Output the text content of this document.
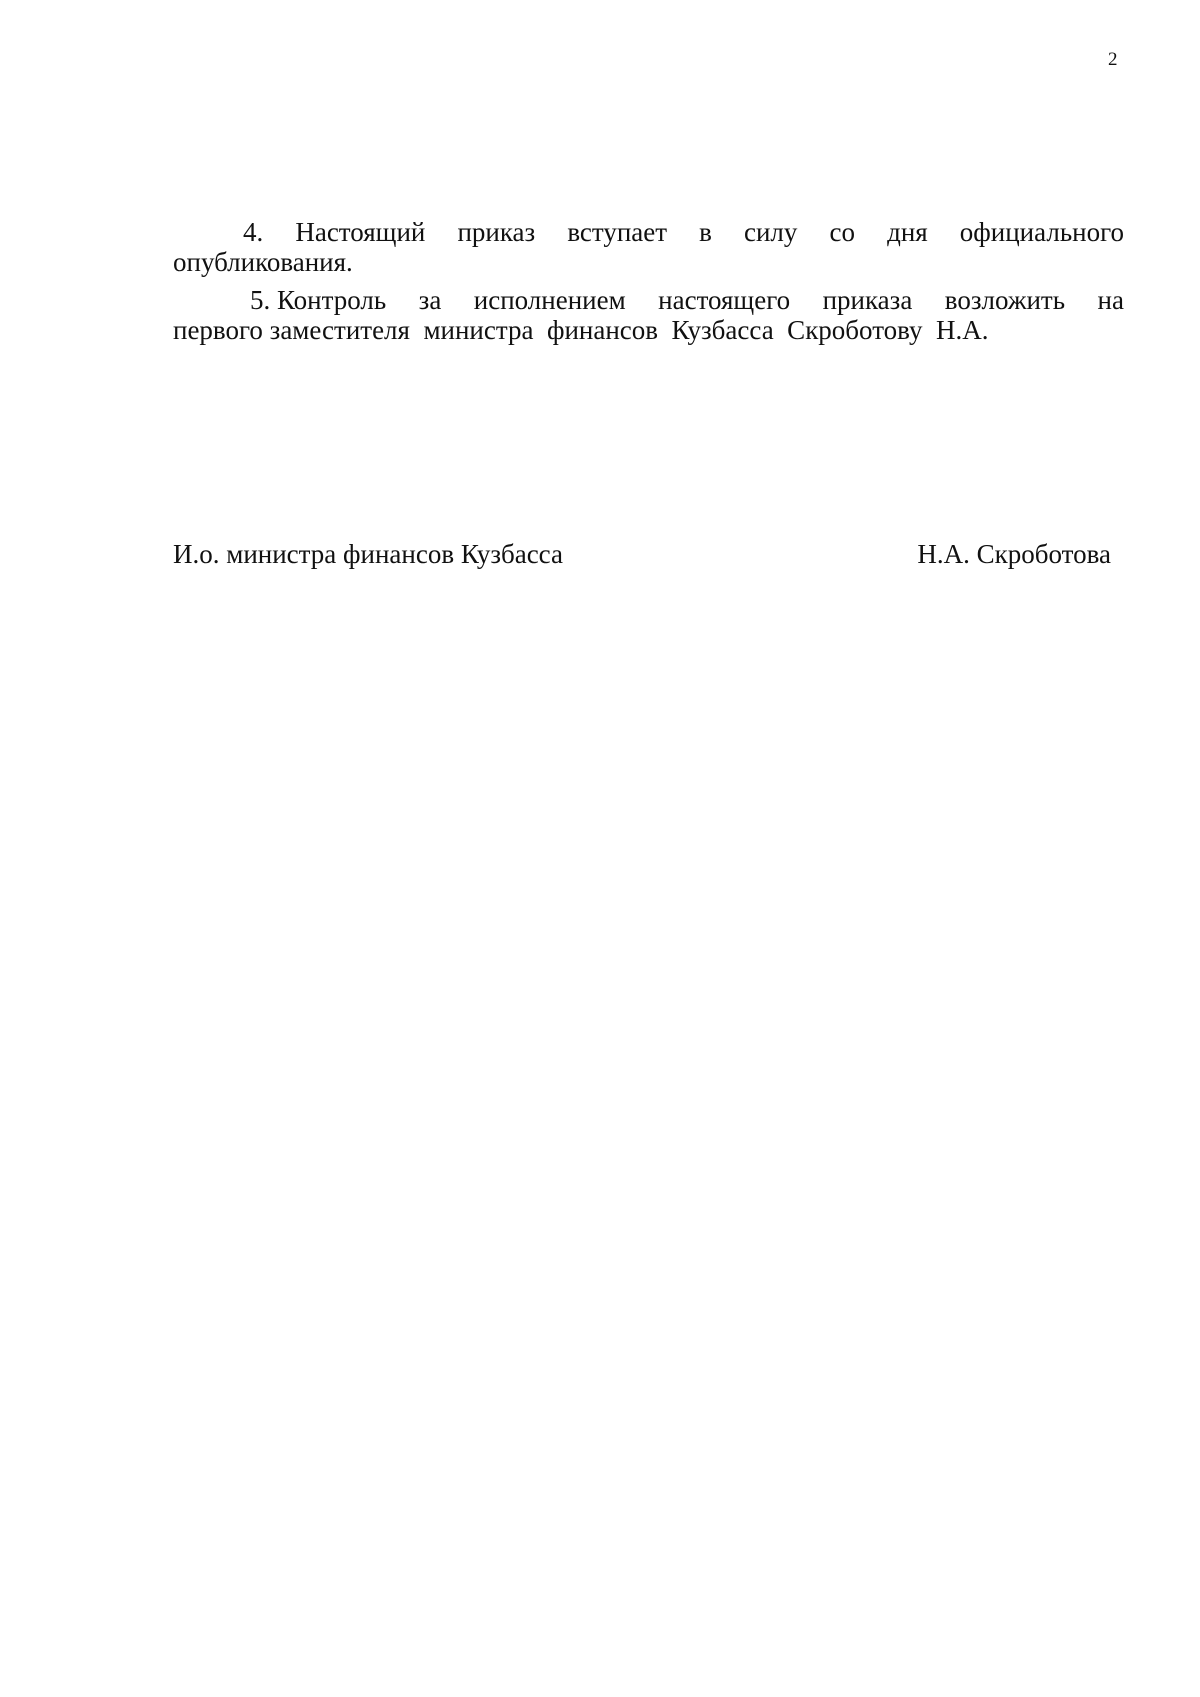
2
4. Настоящий приказ вступает в силу со дня официального
опубликования.
5. Контроль за исполнением настоящего приказа возложить на
первого заместителя  министра  финансов  Кузбасса  Скроботову  Н.А.
И.о. министра финансов Кузбасса	Н.А. Скроботова
